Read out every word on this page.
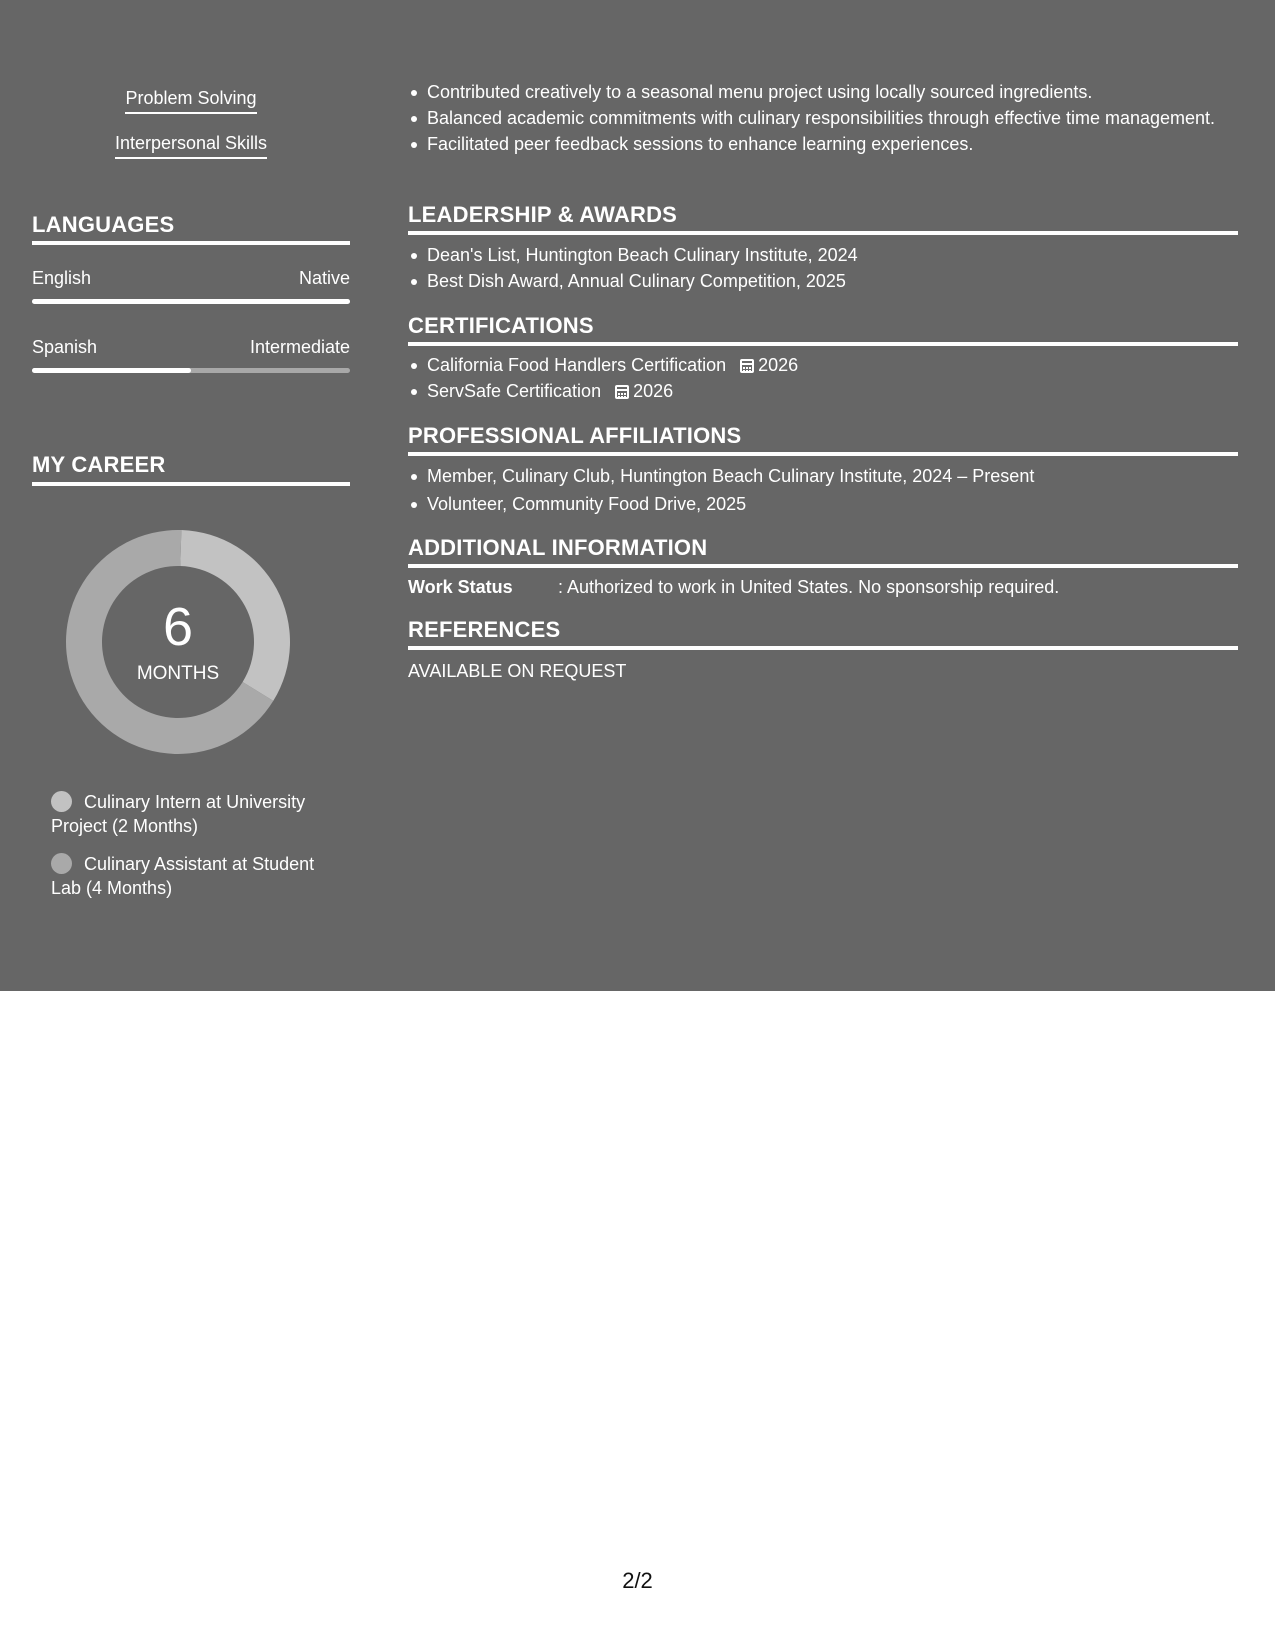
Problem Solving
Interpersonal Skills
LANGUAGES
English	Native
Spanish	Intermediate
MY CAREER
6
MONTHS
Culinary Intern at University Project (2 Months)
Culinary Assistant at Student Lab (4 Months)
Contributed creatively to a seasonal menu project using locally sourced ingredients.
Balanced academic commitments with culinary responsibilities through effective time management.
Facilitated peer feedback sessions to enhance learning experiences.
LEADERSHIP & AWARDS
Dean's List, Huntington Beach Culinary Institute, 2024
Best Dish Award, Annual Culinary Competition, 2025
CERTIFICATIONS
California Food Handlers Certification 2026
ServSafe Certification 2026
PROFESSIONAL AFFILIATIONS
Member, Culinary Club, Huntington Beach Culinary Institute, 2024 – Present
Volunteer, Community Food Drive, 2025
ADDITIONAL INFORMATION
Work Status	: Authorized to work in United States. No sponsorship required.
REFERENCES
AVAILABLE ON REQUEST
2/2
